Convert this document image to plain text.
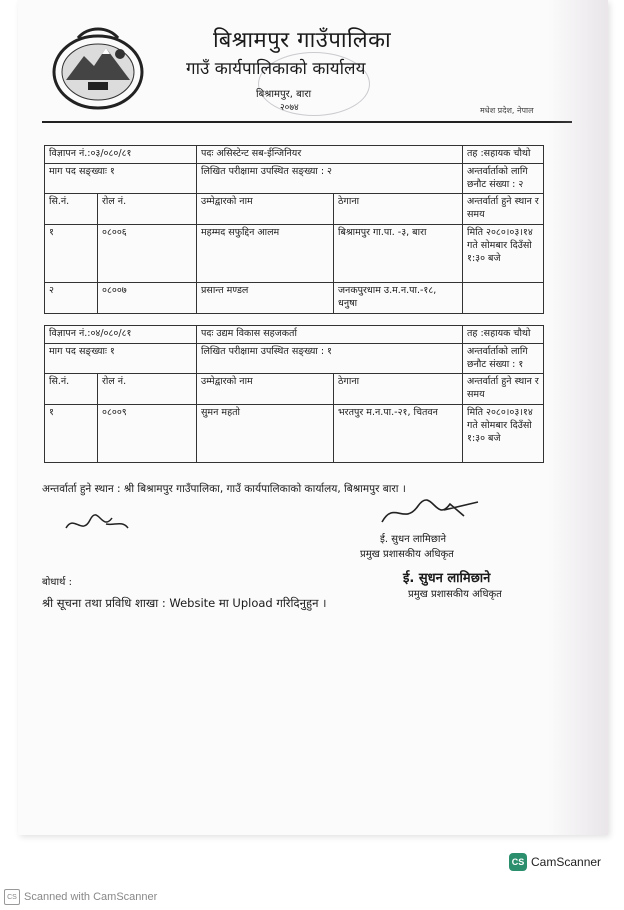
बिश्रामपुर गाउँपालिका
गाउँ कार्यपालिकाको कार्यालय
बिश्रामपुर, बारा
२०७४	मधेश प्रदेश, नेपाल
विज्ञापन नं.:०३/०८०/८१		पदः असिस्टेन्ट सब-ईन्जिनियर		तह :सहायक चौथो
माग पद सङ्ख्याः १		लिखित परीक्षामा उपस्थित सङ्ख्या : २		अन्तर्वार्ताको लागि छनौट संख्या : २
सि.नं.	रोल नं.	उम्मेद्वारको नाम	ठेगाना	अन्तर्वार्ता हुने स्थान र समय
१	०८००६	महम्मद सफुद्दिन आलम	बिश्रामपुर गा.पा. -३, बारा	मिति २०८०।०३।१४ गते सोमबार दिउँसो १:३० बजे
२	०८००७	प्रसान्त मण्डल	जनकपुरधाम उ.म.न.पा.-१८, धनुषा	
विज्ञापन नं.:०४/०८०/८१		पदः उद्यम विकास सहजकर्ता		तह :सहायक चौथो
माग पद सङ्ख्याः १		लिखित परीक्षामा उपस्थित सङ्ख्या : १		अन्तर्वार्ताको लागि छनौट संख्या : १
सि.नं.	रोल नं.	उम्मेद्वारको नाम	ठेगाना	अन्तर्वार्ता हुने स्थान र समय
१	०८००९	सुमन महतो	भरतपुर म.न.पा.-२१, चितवन	मिति २०८०।०३।१४ गते सोमबार दिउँसो १:३० बजे
अन्तर्वार्ता हुने स्थान : श्री बिश्रामपुर गाउँपालिका, गाउँ कार्यपालिकाको कार्यालय, बिश्रामपुर बारा ।
ई. सुधन लामिछाने
प्रमुख प्रशासकीय अधिकृत
ई. सुधन लामिछाने
प्रमुख प्रशासकीय अधिकृत
बोधार्थ :
श्री सूचना तथा प्रविधि शाखा : Website मा Upload गरिदिनुहुन ।
CS CamScanner
CS Scanned with CamScanner
